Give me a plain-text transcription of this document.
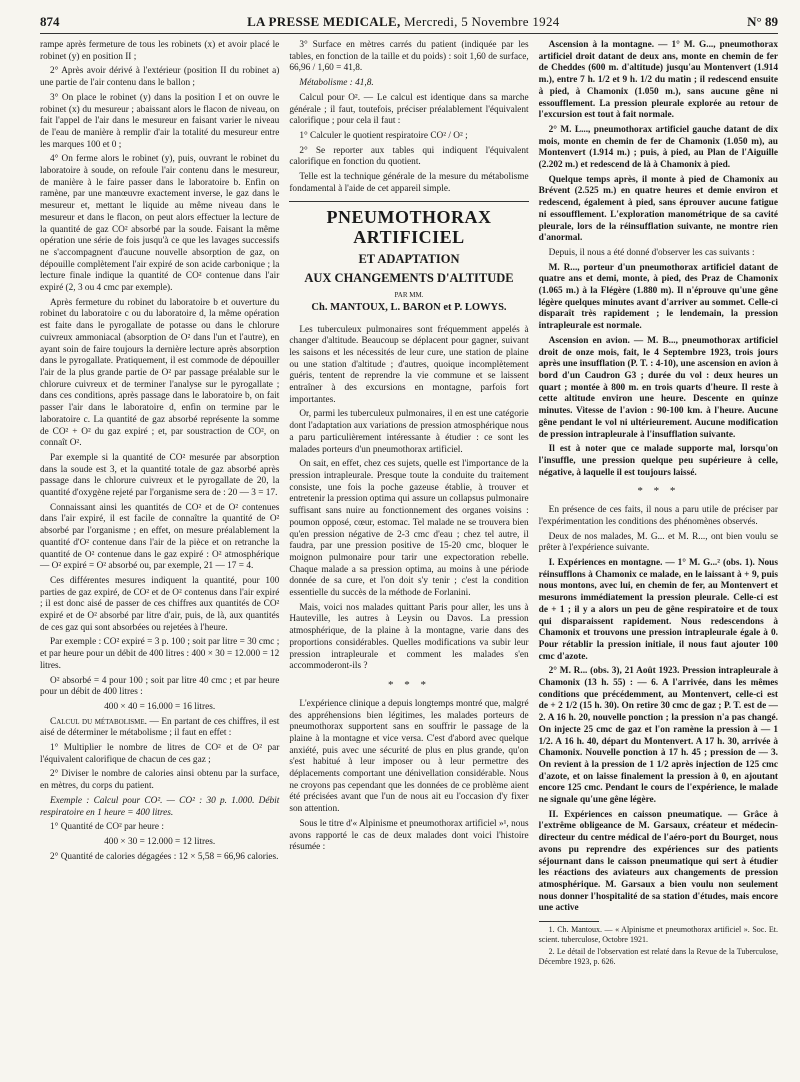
874	LA PRESSE MEDICALE, Mercredi, 5 Novembre 1924	N° 89

rampe après fermeture de tous les robinets (x) et avoir placé le robinet (y) en position II ;

2° Après avoir dérivé à l'extérieur (position II du robinet a) une partie de l'air contenu dans le ballon ;

3° On place le robinet (y) dans la position I et on ouvre le robinet (x) du mesureur ; abaissant alors le flacon de niveau, on fait l'appel de l'air dans le mesureur en faisant varier le niveau de l'eau de manière à remplir d'air la totalité du mesureur entre les marques 100 et 0 ;

4° On ferme alors le robinet (y), puis, ouvrant le robinet du laboratoire à soude, on refoule l'air contenu dans le mesureur, de manière à le faire passer dans le laboratoire b. Enfin on ramène, par une manœuvre exactement inverse, le gaz dans le mesureur et, mettant le liquide au même niveau dans le mesureur et dans le flacon, on peut alors effectuer la lecture de la quantité de gaz CO² absorbé par la soude. Faisant la même opération une série de fois jusqu'à ce que les lavages successifs ne s'accompagnent d'aucune nouvelle absorption de gaz, on dépouille complètement l'air expiré de son acide carbonique ; la lecture finale indique la quantité de CO² contenue dans l'air expiré (2, 3 ou 4 cmc par exemple).

Après fermeture du robinet du laboratoire b et ouverture du robinet du laboratoire c ou du laboratoire d, la même opération est faite dans le pyrogallate de potasse ou dans le chlorure cuivreux ammoniacal (absorption de O² dans l'un et l'autre), en ayant soin de faire toujours la dernière lecture après absorption dans le pyrogallate. Pratiquement, il est commode de dépouiller l'air de la plus grande partie de O² par passage préalable sur le chlorure cuivreux et de terminer l'analyse sur le pyrogallate ; dans ces conditions, après passage dans le laboratoire b, on fait passer l'air dans le laboratoire d, enfin on termine par le laboratoire c. La quantité de gaz absorbé représente la somme de CO² + O² du gaz expiré ; et, par soustraction de CO², on connaît O².

Par exemple si la quantité de CO² mesurée par absorption dans la soude est 3, et la quantité totale de gaz absorbé après passage dans le chlorure cuivreux et le pyrogallate de 20, la quantité d'oxygène rejeté par l'organisme sera de : 20 — 3 = 17.

Connaissant ainsi les quantités de CO² et de O² contenues dans l'air expiré, il est facile de connaître la quantité de O² absorbé par l'organisme ; en effet, on mesure préalablement la quantité d'O² contenue dans l'air de la pièce et on retranche la quantité de O² contenue dans le gaz expiré : O² atmosphérique — O² expiré = O² absorbé ou, par exemple, 21 — 17 = 4.

Ces différentes mesures indiquent la quantité, pour 100 parties de gaz expiré, de CO² et de O² contenus dans l'air expiré ; il est donc aisé de passer de ces chiffres aux quantités de CO² expiré et de O² absorbé par litre d'air, puis, de là, aux quantités de ces gaz qui sont absorbées ou rejetées à l'heure.

Par exemple : CO² expiré = 3 p. 100 ; soit par litre = 30 cmc ; et par heure pour un débit de 400 litres : 400 × 30 = 12.000 = 12 litres.

O² absorbé = 4 pour 100 ; soit par litre 40 cmc ; et par heure pour un débit de 400 litres :

400 × 40 = 16.000 = 16 litres.

Calcul du métabolisme. — En partant de ces chiffres, il est aisé de déterminer le métabolisme ; il faut en effet :

1° Multiplier le nombre de litres de CO² et de O² par l'équivalent calorifique de chacun de ces gaz ;

2° Diviser le nombre de calories ainsi obtenu par la surface, en mètres, du corps du patient.

Exemple : Calcul pour CO². — CO² : 30 p. 1.000. Débit respiratoire en 1 heure = 400 litres.

1° Quantité de CO² par heure :

400 × 30 = 12.000 = 12 litres.

2° Quantité de calories dégagées : 12 × 5,58 = 66,96 calories.

3° Surface en mètres carrés du patient (indiquée par les tables, en fonction de la taille et du poids) : soit 1,60 de surface, 66,96 / 1,60 = 41,8.

Métabolisme : 41,8.

Calcul pour O². — Le calcul est identique dans sa marche générale ; il faut, toutefois, préciser préalablement l'équivalent calorifique ; pour cela il faut :

1° Calculer le quotient respiratoire CO² / O² ;

2° Se reporter aux tables qui indiquent l'équivalent calorifique en fonction du quotient.

Telle est la technique générale de la mesure du métabolisme fondamental à l'aide de cet appareil simple.

PNEUMOTHORAX ARTIFICIEL
ET ADAPTATION
AUX CHANGEMENTS D'ALTITUDE
PAR MM.
Ch. MANTOUX, L. BARON et P. LOWYS.

Les tuberculeux pulmonaires sont fréquemment appelés à changer d'altitude. Beaucoup se déplacent pour gagner, suivant les saisons et les nécessités de leur cure, une station de plaine ou une station d'altitude ; d'autres, quoique incomplètement guéris, tentent de reprendre la vie commune et se laissent entraîner à des excursions en montagne, parfois fort importantes.

Or, parmi les tuberculeux pulmonaires, il en est une catégorie dont l'adaptation aux variations de pression atmosphérique nous a paru particulièrement intéressante à étudier : ce sont les malades porteurs d'un pneumothorax artificiel.

On sait, en effet, chez ces sujets, quelle est l'importance de la pression intrapleurale. Presque toute la conduite du traitement consiste, une fois la poche gazeuse établie, à trouver et entretenir la pression optima qui assure un collapsus pulmonaire suffisant sans nuire au fonctionnement des organes voisins : poumon opposé, cœur, estomac. Tel malade ne se trouvera bien qu'en pression négative de 2-3 cmc d'eau ; chez tel autre, il faudra, par une pression positive de 15-20 cmc, bloquer le moignon pulmonaire pour tarir une expectoration rebelle. Chaque malade a sa pression optima, au moins à une période donnée de sa cure, et l'on doit s'y tenir ; c'est la condition essentielle du succès de la méthode de Forlanini.

Mais, voici nos malades quittant Paris pour aller, les uns à Hauteville, les autres à Leysin ou Davos. La pression atmosphérique, de la plaine à la montagne, varie dans des proportions considérables. Quelles modifications va subir leur pression intrapleurale et comment les malades s'en accommoderont-ils ?

* * *

L'expérience clinique a depuis longtemps montré que, malgré des appréhensions bien légitimes, les malades porteurs de pneumothorax supportent sans en souffrir le passage de la plaine à la montagne et vice versa. C'est d'abord avec quelque anxiété, puis avec une sécurité de plus en plus grande, qu'on s'est habitué à leur imposer ou à leur permettre des déplacements comportant une dénivellation considérable. Nous ne croyons pas cependant que les données de ce problème aient été précisées avant que l'un de nous ait eu l'occasion d'y fixer son attention.

Sous le titre d'« Alpinisme et pneumothorax artificiel »¹, nous avons rapporté le cas de deux malades dont voici l'histoire résumée :

Ascension à la montagne. — 1° M. G..., pneumothorax artificiel droit datant de deux ans, monte en chemin de fer de Cheddes (600 m. d'altitude) jusqu'au Montenvert (1.914 m.), entre 7 h. 1/2 et 9 h. 1/2 du matin ; il redescend ensuite à pied, à Chamonix (1.050 m.), sans aucune gêne ni essoufflement. La pression pleurale explorée au retour de l'excursion est tout à fait normale.

2° M. L..., pneumothorax artificiel gauche datant de dix mois, monte en chemin de fer de Chamonix (1.050 m), au Montenvert (1.914 m.) ; puis, à pied, au Plan de l'Aiguille (2.202 m.) et redescend de là à Chamonix à pied.

Quelque temps après, il monte à pied de Chamonix au Brévent (2.525 m.) en quatre heures et demie environ et redescend, également à pied, sans éprouver aucune fatigue ni essoufflement. L'exploration manométrique de sa cavité pleurale, lors de la réinsufflation suivante, ne montre rien d'anormal.

Depuis, il nous a été donné d'observer les cas suivants :

M. R..., porteur d'un pneumothorax artificiel datant de quatre ans et demi, monte, à pied, des Praz de Chamonix (1.065 m.) à la Flégère (1.880 m). Il n'éprouve qu'une gêne légère quelques minutes avant d'arriver au sommet. Celle-ci disparaît très rapidement ; le lendemain, la pression intrapleurale est normale.

Ascension en avion. — M. B..., pneumothorax artificiel droit de onze mois, fait, le 4 Septembre 1923, trois jours après une insufflation (P. T. : 4-10), une ascension en avion à bord d'un Caudron G3 ; durée du vol : deux heures un quart ; montée à 800 m. en trois quarts d'heure. Il reste à cette altitude environ une heure. Descente en quinze minutes. Vitesse de l'avion : 90-100 km. à l'heure. Aucune gêne pendant le vol ni ultérieurement. Aucune modification de pression intrapleurale à l'insufflation suivante.

Il est à noter que ce malade supporte mal, lorsqu'on l'insuffle, une pression quelque peu supérieure à celle, négative, à laquelle il est toujours laissé.

* * *

En présence de ces faits, il nous a paru utile de préciser par l'expérimentation les conditions des phénomènes observés.

Deux de nos malades, M. G... et M. R..., ont bien voulu se prêter à l'expérience suivante.

I. Expériences en montagne. — 1° M. G...² (obs. 1). Nous réinsufflons à Chamonix ce malade, en le laissant à + 9, puis nous montons, avec lui, en chemin de fer, au Montenvert et mesurons immédiatement la pression pleurale. Celle-ci est de + 1 ; il y a alors un peu de gêne respiratoire et de toux qui disparaissent rapidement. Nous redescendons à Chamonix et trouvons une pression intrapleurale égale à 0. Pour rétablir la pression initiale, il nous faut ajouter 100 cmc d'azote.

2° M. R... (obs. 3), 21 Août 1923. Pression intrapleurale à Chamonix (13 h. 55) : — 6. A l'arrivée, dans les mêmes conditions que précédemment, au Montenvert, celle-ci est de + 2 1/2 (15 h. 30). On retire 30 cmc de gaz ; P. T. est de — 2. A 16 h. 20, nouvelle ponction ; la pression n'a pas changé. On injecte 25 cmc de gaz et l'on ramène la pression à — 1 1/2. A 16 h. 40, départ du Montenvert. A 17 h. 30, arrivée à Chamonix. Nouvelle ponction à 17 h. 45 ; pression de — 3. On revient à la pression de 1 1/2 après injection de 125 cmc d'azote, et on laisse finalement la pression à 0, en ajoutant encore 125 cmc. Pendant le cours de l'expérience, le malade ne signale qu'une gêne légère.

II. Expériences en caisson pneumatique. — Grâce à l'extrême obligeance de M. Garsaux, créateur et médecin-directeur du centre médical de l'aéro-port du Bourget, nous avons pu reprendre des expériences sur des patients séjournant dans le caisson pneumatique qui sert à étudier les réactions des aviateurs aux changements de pression atmosphérique. M. Garsaux a bien voulu non seulement nous donner l'hospitalité de sa station d'études, mais encore une active

1. Ch. Mantoux. — « Alpinisme et pneumothorax artificiel ». Soc. Et. scient. tuberculose, Octobre 1921.

2. Le détail de l'observation est relaté dans la Revue de la Tuberculose, Décembre 1923, p. 626.
